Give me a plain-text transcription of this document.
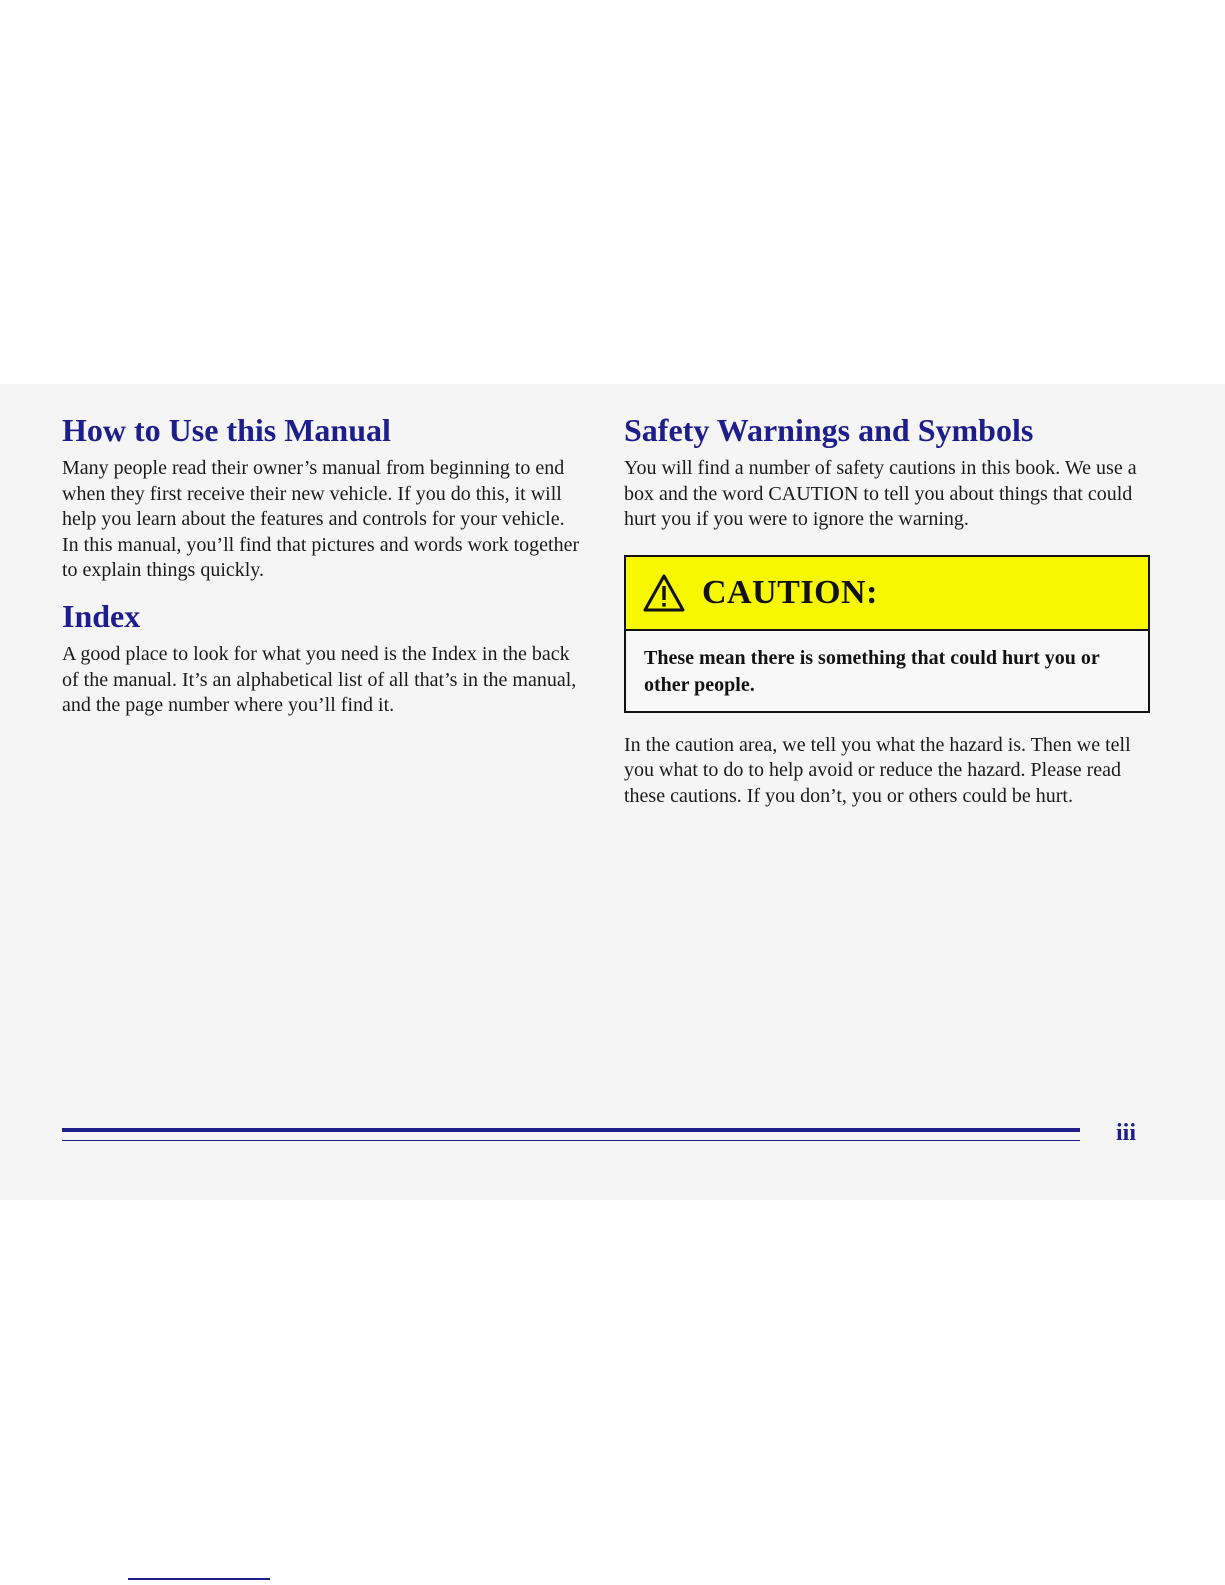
How to Use this Manual

Many people read their owner’s manual from beginning to end when they first receive their new vehicle. If you do this, it will help you learn about the features and controls for your vehicle. In this manual, you’ll find that pictures and words work together to explain things quickly.

Index

A good place to look for what you need is the Index in the back of the manual. It’s an alphabetical list of all that’s in the manual, and the page number where you’ll find it.

Safety Warnings and Symbols

You will find a number of safety cautions in this book. We use a box and the word CAUTION to tell you about things that could hurt you if you were to ignore the warning.

CAUTION:
These mean there is something that could hurt you or other people.

In the caution area, we tell you what the hazard is. Then we tell you what to do to help avoid or reduce the hazard. Please read these cautions. If you don’t, you or others could be hurt.

iii
